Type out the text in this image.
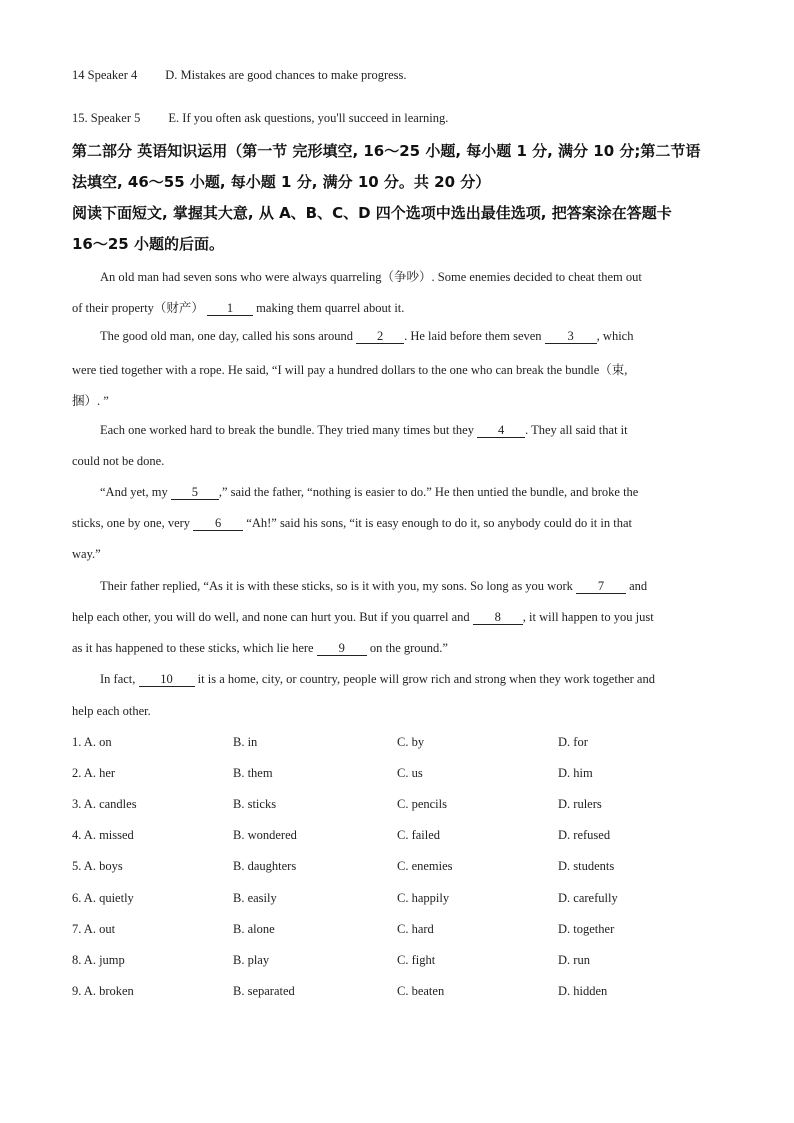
14 Speaker 4 D. Mistakes are good chances to make progress.
15. Speaker 5 E. If you often ask questions, you'll succeed in learning.
第二部分 英语知识运用（第一节 完形填空, 16～25 小题, 每小题 1 分, 满分 10 分;第二节语
法填空, 46～55 小题, 每小题 1 分, 满分 10 分。共 20 分）
阅读下面短文, 掌握其大意, 从 A、B、C、D 四个选项中选出最佳选项, 把答案涂在答题卡
16～25 小题的后面。
An old man had seven sons who were always quarreling（争吵）. Some enemies decided to cheat them out
of their property（财产） 1 making them quarrel about it.
The good old man, one day, called his sons around 2 . He laid before them seven 3 , which
were tied together with a rope. He said, “I will pay a hundred dollars to the one who can break the bundle（束,
捆）. ”
Each one worked hard to break the bundle. They tried many times but they 4 . They all said that it
could not be done.
“And yet, my 5 ,” said the father, “nothing is easier to do.” He then untied the bundle, and broke the
sticks, one by one, very 6 “Ah!” said his sons, “it is easy enough to do it, so anybody could do it in that
way.”
Their father replied, “As it is with these sticks, so is it with you, my sons. So long as you work 7 and
help each other, you will do well, and none can hurt you. But if you quarrel and 8 , it will happen to you just
as it has happened to these sticks, which lie here 9 on the ground.”
In fact, 10 it is a home, city, or country, people will grow rich and strong when they work together and
help each other.
1. A. on	B. in	C. by	D. for
2. A. her	B. them	C. us	D. him
3. A. candles	B. sticks	C. pencils	D. rulers
4. A. missed	B. wondered	C. failed	D. refused
5. A. boys	B. daughters	C. enemies	D. students
6. A. quietly	B. easily	C. happily	D. carefully
7. A. out	B. alone	C. hard	D. together
8. A. jump	B. play	C. fight	D. run
9. A. broken	B. separated	C. beaten	D. hidden
